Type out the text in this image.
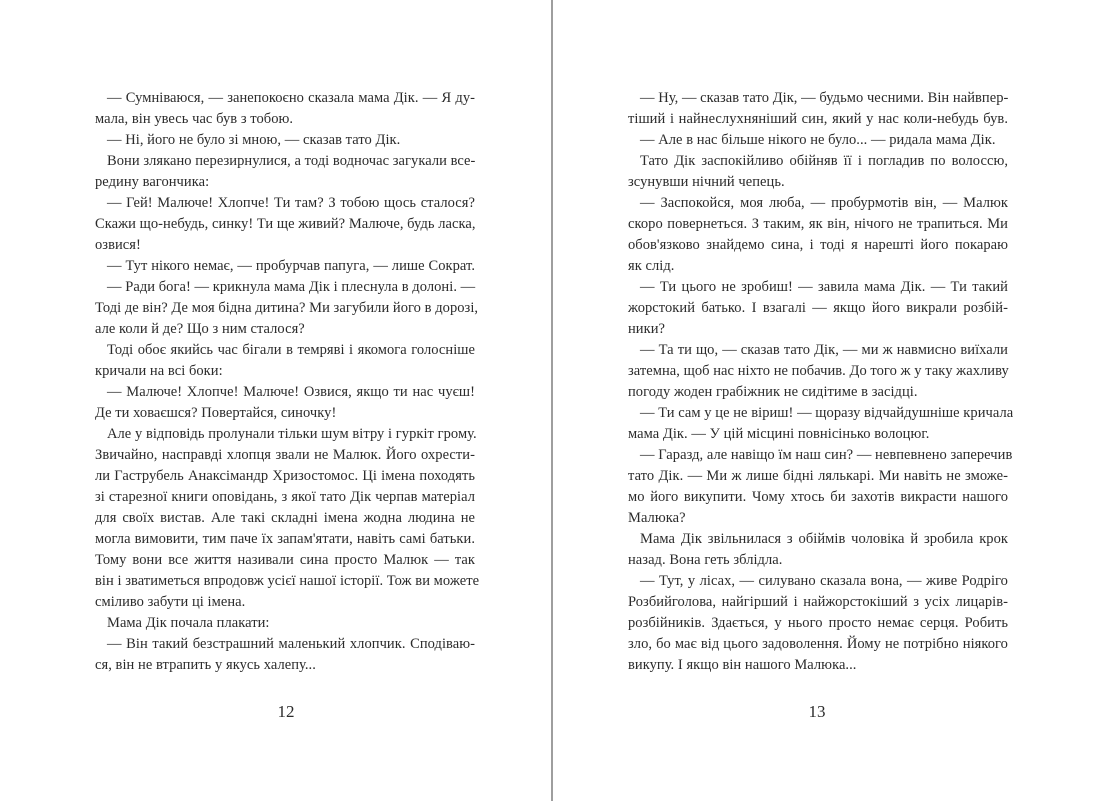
— Сумніваюся, — занепокоєно сказала мама Дік. — Я ду-
мала, він увесь час був з тобою.
— Ні, його не було зі мною, — сказав тато Дік.
Вони злякано перезирнулися, а тоді водночас загукали все-
редину вагончика:
— Гей! Малюче! Хлопче! Ти там? З тобою щось сталося?
Скажи що-небудь, синку! Ти ще живий? Малюче, будь ласка,
озвися!
— Тут нікого немає, — пробурчав папуга, — лише Сократ.
— Ради бога! — крикнула мама Дік і плеснула в долоні. —
Тоді де він? Де моя бідна дитина? Ми загубили його в дорозі,
але коли й де? Що з ним сталося?
Тоді обоє якийсь час бігали в темряві і якомога голосніше
кричали на всі боки:
— Малюче! Хлопче! Малюче! Озвися, якщо ти нас чуєш!
Де ти ховаєшся? Повертайся, синочку!
Але у відповідь пролунали тільки шум вітру і гуркіт грому.
Звичайно, насправді хлопця звали не Малюк. Його охрести-
ли Гаструбель Анаксімандр Хризостомос. Ці імена походять
зі старезної книги оповідань, з якої тато Дік черпав матеріал
для своїх вистав. Але такі складні імена жодна людина не
могла вимовити, тим паче їх запам'ятати, навіть самі батьки.
Тому вони все життя називали сина просто Малюк — так
він і зватиметься впродовж усієї нашої історії. Тож ви можете
сміливо забути ці імена.
Мама Дік почала плакати:
— Він такий безстрашний маленький хлопчик. Сподіваю-
ся, він не втрапить у якусь халепу...
— Ну, — сказав тато Дік, — будьмо чесними. Він найвпер-
тіший і найнеслухняніший син, який у нас коли-небудь був.
— Але в нас більше нікого не було... — ридала мама Дік.
Тато Дік заспокійливо обійняв її і погладив по волоссю,
зсунувши нічний чепець.
— Заспокойся, моя люба, — пробурмотів він, — Малюк
скоро повернеться. З таким, як він, нічого не трапиться. Ми
обов'язково знайдемо сина, і тоді я нарешті його покараю
як слід.
— Ти цього не зробиш! — завила мама Дік. — Ти такий
жорстокий батько. І взагалі — якщо його викрали розбій-
ники?
— Та ти що, — сказав тато Дік, — ми ж навмисно виїхали
затемна, щоб нас ніхто не побачив. До того ж у таку жахливу
погоду жоден грабіжник не сидітиме в засідці.
— Ти сам у це не віриш! — щоразу відчайдушніше кричала
мама Дік. — У цій місцині повнісінько волоцюг.
— Гаразд, але навіщо їм наш син? — невпевнено заперечив
тато Дік. — Ми ж лише бідні лялькарі. Ми навіть не зможе-
мо його викупити. Чому хтось би захотів викрасти нашого
Малюка?
Мама Дік звільнилася з обіймів чоловіка й зробила крок
назад. Вона геть зблідла.
— Тут, у лісах, — силувано сказала вона, — живе Родріго
Розбийголова, найгірший і найжорстокіший з усіх лицарів-
розбійників. Здається, у нього просто немає серця. Робить
зло, бо має від цього задоволення. Йому не потрібно ніякого
викупу. І якщо він нашого Малюка...
12	13
